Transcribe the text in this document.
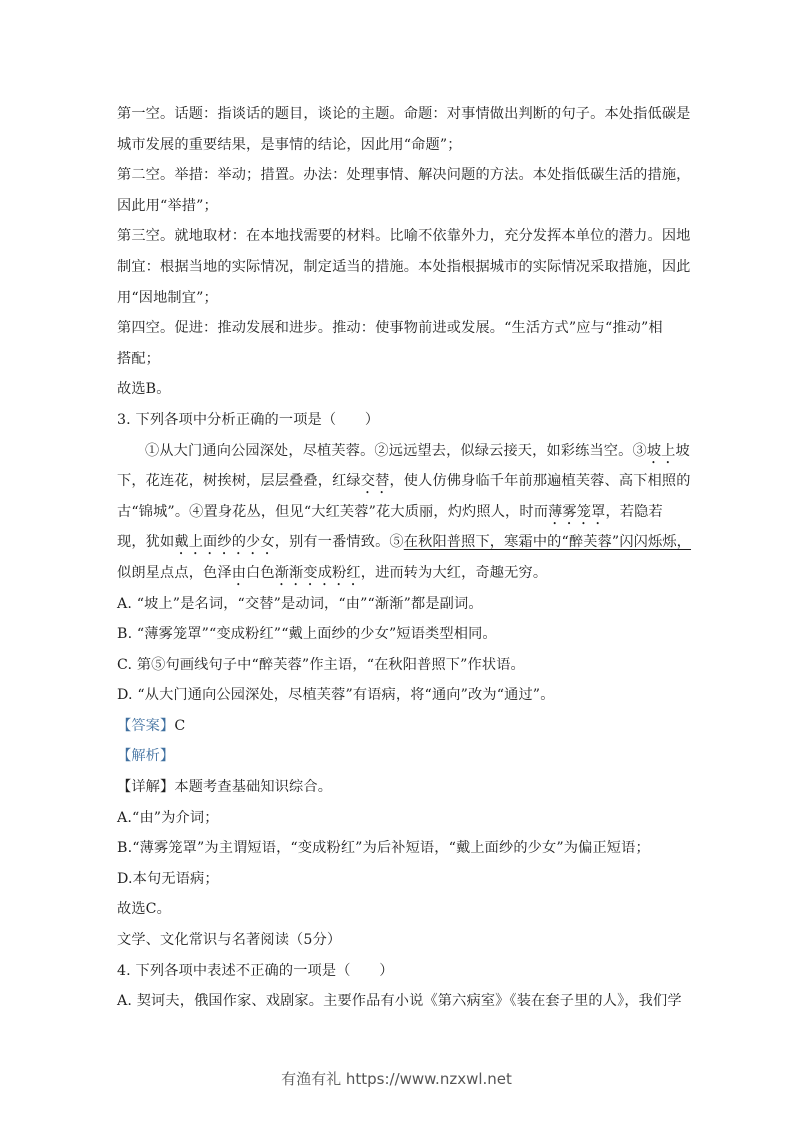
第一空。话题：指谈话的题目，谈论的主题。命题：对事情做出判断的句子。本处指低碳是
城市发展的重要结果，是事情的结论，因此用“命题”；
第二空。举措：举动；措置。办法：处理事情、解决问题的方法。本处指低碳生活的措施，
因此用“举措”；
第三空。就地取材：在本地找需要的材料。比喻不依靠外力，充分发挥本单位的潜力。因地
制宜：根据当地的实际情况，制定适当的措施。本处指根据城市的实际情况采取措施，因此
用“因地制宜”；
第四空。促进：推动发展和进步。推动：使事物前进或发展。“生活方式”应与“推动”相
搭配；
故选B。
3. 下列各项中分析正确的一项是（　　）
①从大门通向公园深处，尽植芙蓉。②远远望去，似绿云接天，如彩练当空。③坡上坡
下，花连花，树挨树，层层叠叠，红绿交替，使人仿佛身临千年前那遍植芙蓉、高下相照的
古“锦城”。④置身花丛，但见“大红芙蓉”花大质丽，灼灼照人，时而薄雾笼罩，若隐若
现，犹如戴上面纱的少女，别有一番情致。⑤在秋阳普照下，寒霜中的“醉芙蓉”闪闪烁烁，
似朗星点点，色泽由白色渐渐变成粉红，进而转为大红，奇趣无穷。
A. “坡上”是名词，“交替”是动词，“由”“渐渐”都是副词。
B. “薄雾笼罩”“变成粉红”“戴上面纱的少女”短语类型相同。
C. 第⑤句画线句子中“醉芙蓉”作主语，“在秋阳普照下”作状语。
D. “从大门通向公园深处，尽植芙蓉”有语病，将“通向”改为“通过”。
【答案】C
【解析】
【详解】本题考查基础知识综合。
A.“由”为介词；
B.“薄雾笼罩”为主谓短语，“变成粉红”为后补短语，“戴上面纱的少女”为偏正短语；
D.本句无语病；
故选C。
文学、文化常识与名著阅读（5分）
4. 下列各项中表述不正确的一项是（　　）
A. 契诃夫，俄国作家、戏剧家。主要作品有小说《第六病室》《装在套子里的人》，我们学
有渔有礼 https://www.nzxwl.net
